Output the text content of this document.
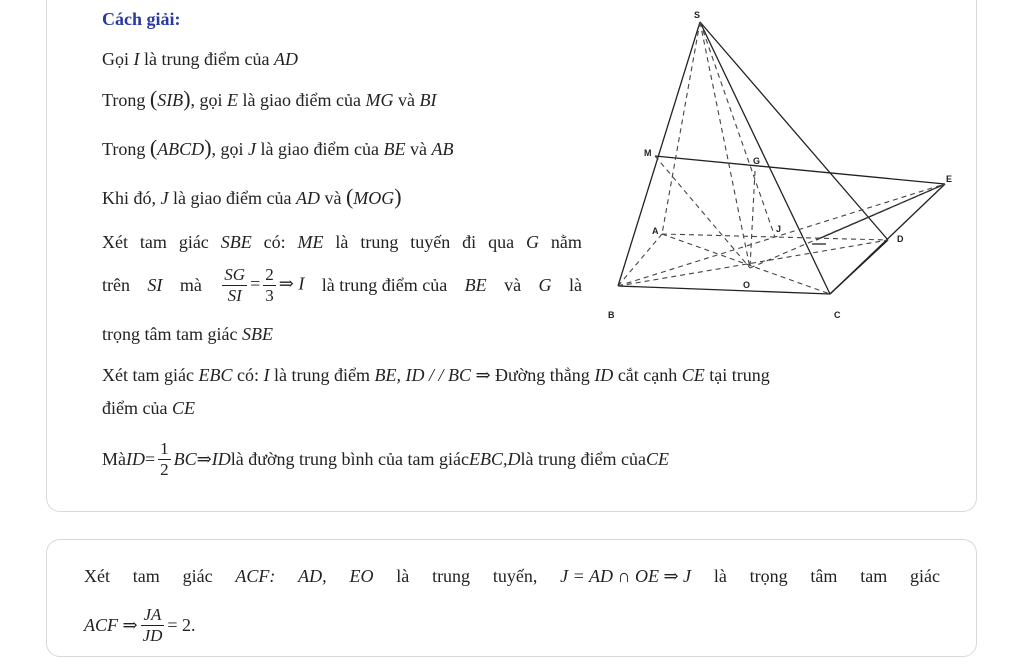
Cách giải:
Gọi I là trung điểm của AD
Trong (SIB), gọi E là giao điểm của MG và BI
Trong (ABCD), gọi J là giao điểm của BE và AB
Khi đó, J là giao điểm của AD và (MOG)
Xét tam giác SBE có: ME là trung tuyến đi qua G nằm
trên SI mà $\frac{SG}{SI} = \frac{2}{3}$ ⇒ I là trung điểm của BE và G là
trọng tâm tam giác SBE
Xét tam giác EBC có: I là trung điểm BE, ID / / BC ⇒ Đường thẳng ID cắt cạnh CE tại trung
điểm của CE
Mà ID = $\frac{1}{2}$ BC ⇒ ID là đường trung bình của tam giác EBC, D là trung điểm của CE
S
M
G
E
A	J
D
O
B	C
Xét tam giác ACF: AD, EO là trung tuyến, J = AD ∩ OE ⇒ J là trọng tâm tam giác
ACF ⇒ $\frac{JA}{JD} = 2$.
